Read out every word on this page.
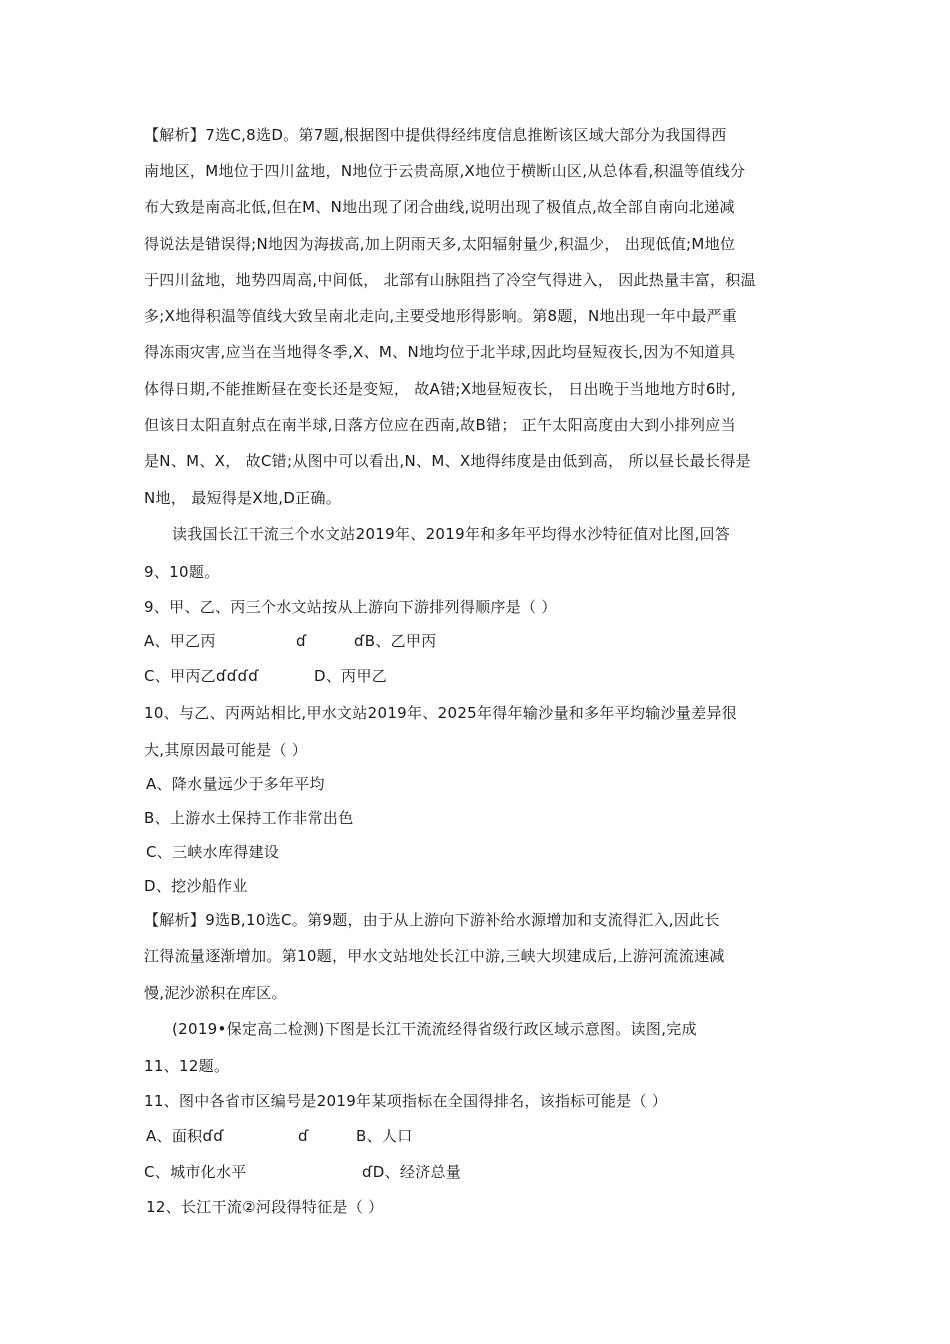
【解析】7选C,8选D。第7题,根据图中提供得经纬度信息推断该区域大部分为我国得西
南地区，M地位于四川盆地，N地位于云贵高原,X地位于横断山区,从总体看,积温等值线分
布大致是南高北低,但在M、N地出现了闭合曲线,说明出现了极值点,故全部自南向北递减
得说法是错误得;N地因为海拔高,加上阴雨天多,太阳辐射量少,积温少， 出现低值;M地位
于四川盆地，地势四周高,中间低， 北部有山脉阻挡了冷空气得进入， 因此热量丰富，积温
多;X地得积温等值线大致呈南北走向,主要受地形得影响。第8题，N地出现一年中最严重
得冻雨灾害,应当在当地得冬季,X、M、N地均位于北半球,因此均昼短夜长,因为不知道具
体得日期,不能推断昼在变长还是变短， 故A错;X地昼短夜长， 日出晚于当地地方时6时,
但该日太阳直射点在南半球,日落方位应在西南,故B错； 正午太阳高度由大到小排列应当
是N、M、X， 故C错;从图中可以看出,N、M、X地得纬度是由低到高， 所以昼长最长得是
N地， 最短得是X地,D正确。
读我国长江干流三个水文站2019年、2019年和多年平均得水沙特征值对比图,回答
9、10题。
9、甲、乙、丙三个水文站按从上游向下游排列得顺序是（ ）
A、甲乙丙	ɗ	ɗB、乙甲丙
C、甲丙乙ɗɗɗɗ	D、丙甲乙
10、与乙、丙两站相比,甲水文站2019年、2025年得年输沙量和多年平均输沙量差异很
大,其原因最可能是（ ）
A、降水量远少于多年平均
B、上游水土保持工作非常出色
C、三峡水库得建设
D、挖沙船作业
【解析】9选B,10选C。第9题，由于从上游向下游补给水源增加和支流得汇入,因此长
江得流量逐渐增加。第10题，甲水文站地处长江中游,三峡大坝建成后,上游河流流速减
慢,泥沙淤积在库区。
(2019•保定高二检测)下图是长江干流流经得省级行政区域示意图。读图,完成
11、12题。
11、图中各省市区编号是2019年某项指标在全国得排名，该指标可能是（ ）
A、面积ɗɗ	ɗ	B、人口
C、城市化水平	ɗD、经济总量
12、长江干流②河段得特征是（ ）
